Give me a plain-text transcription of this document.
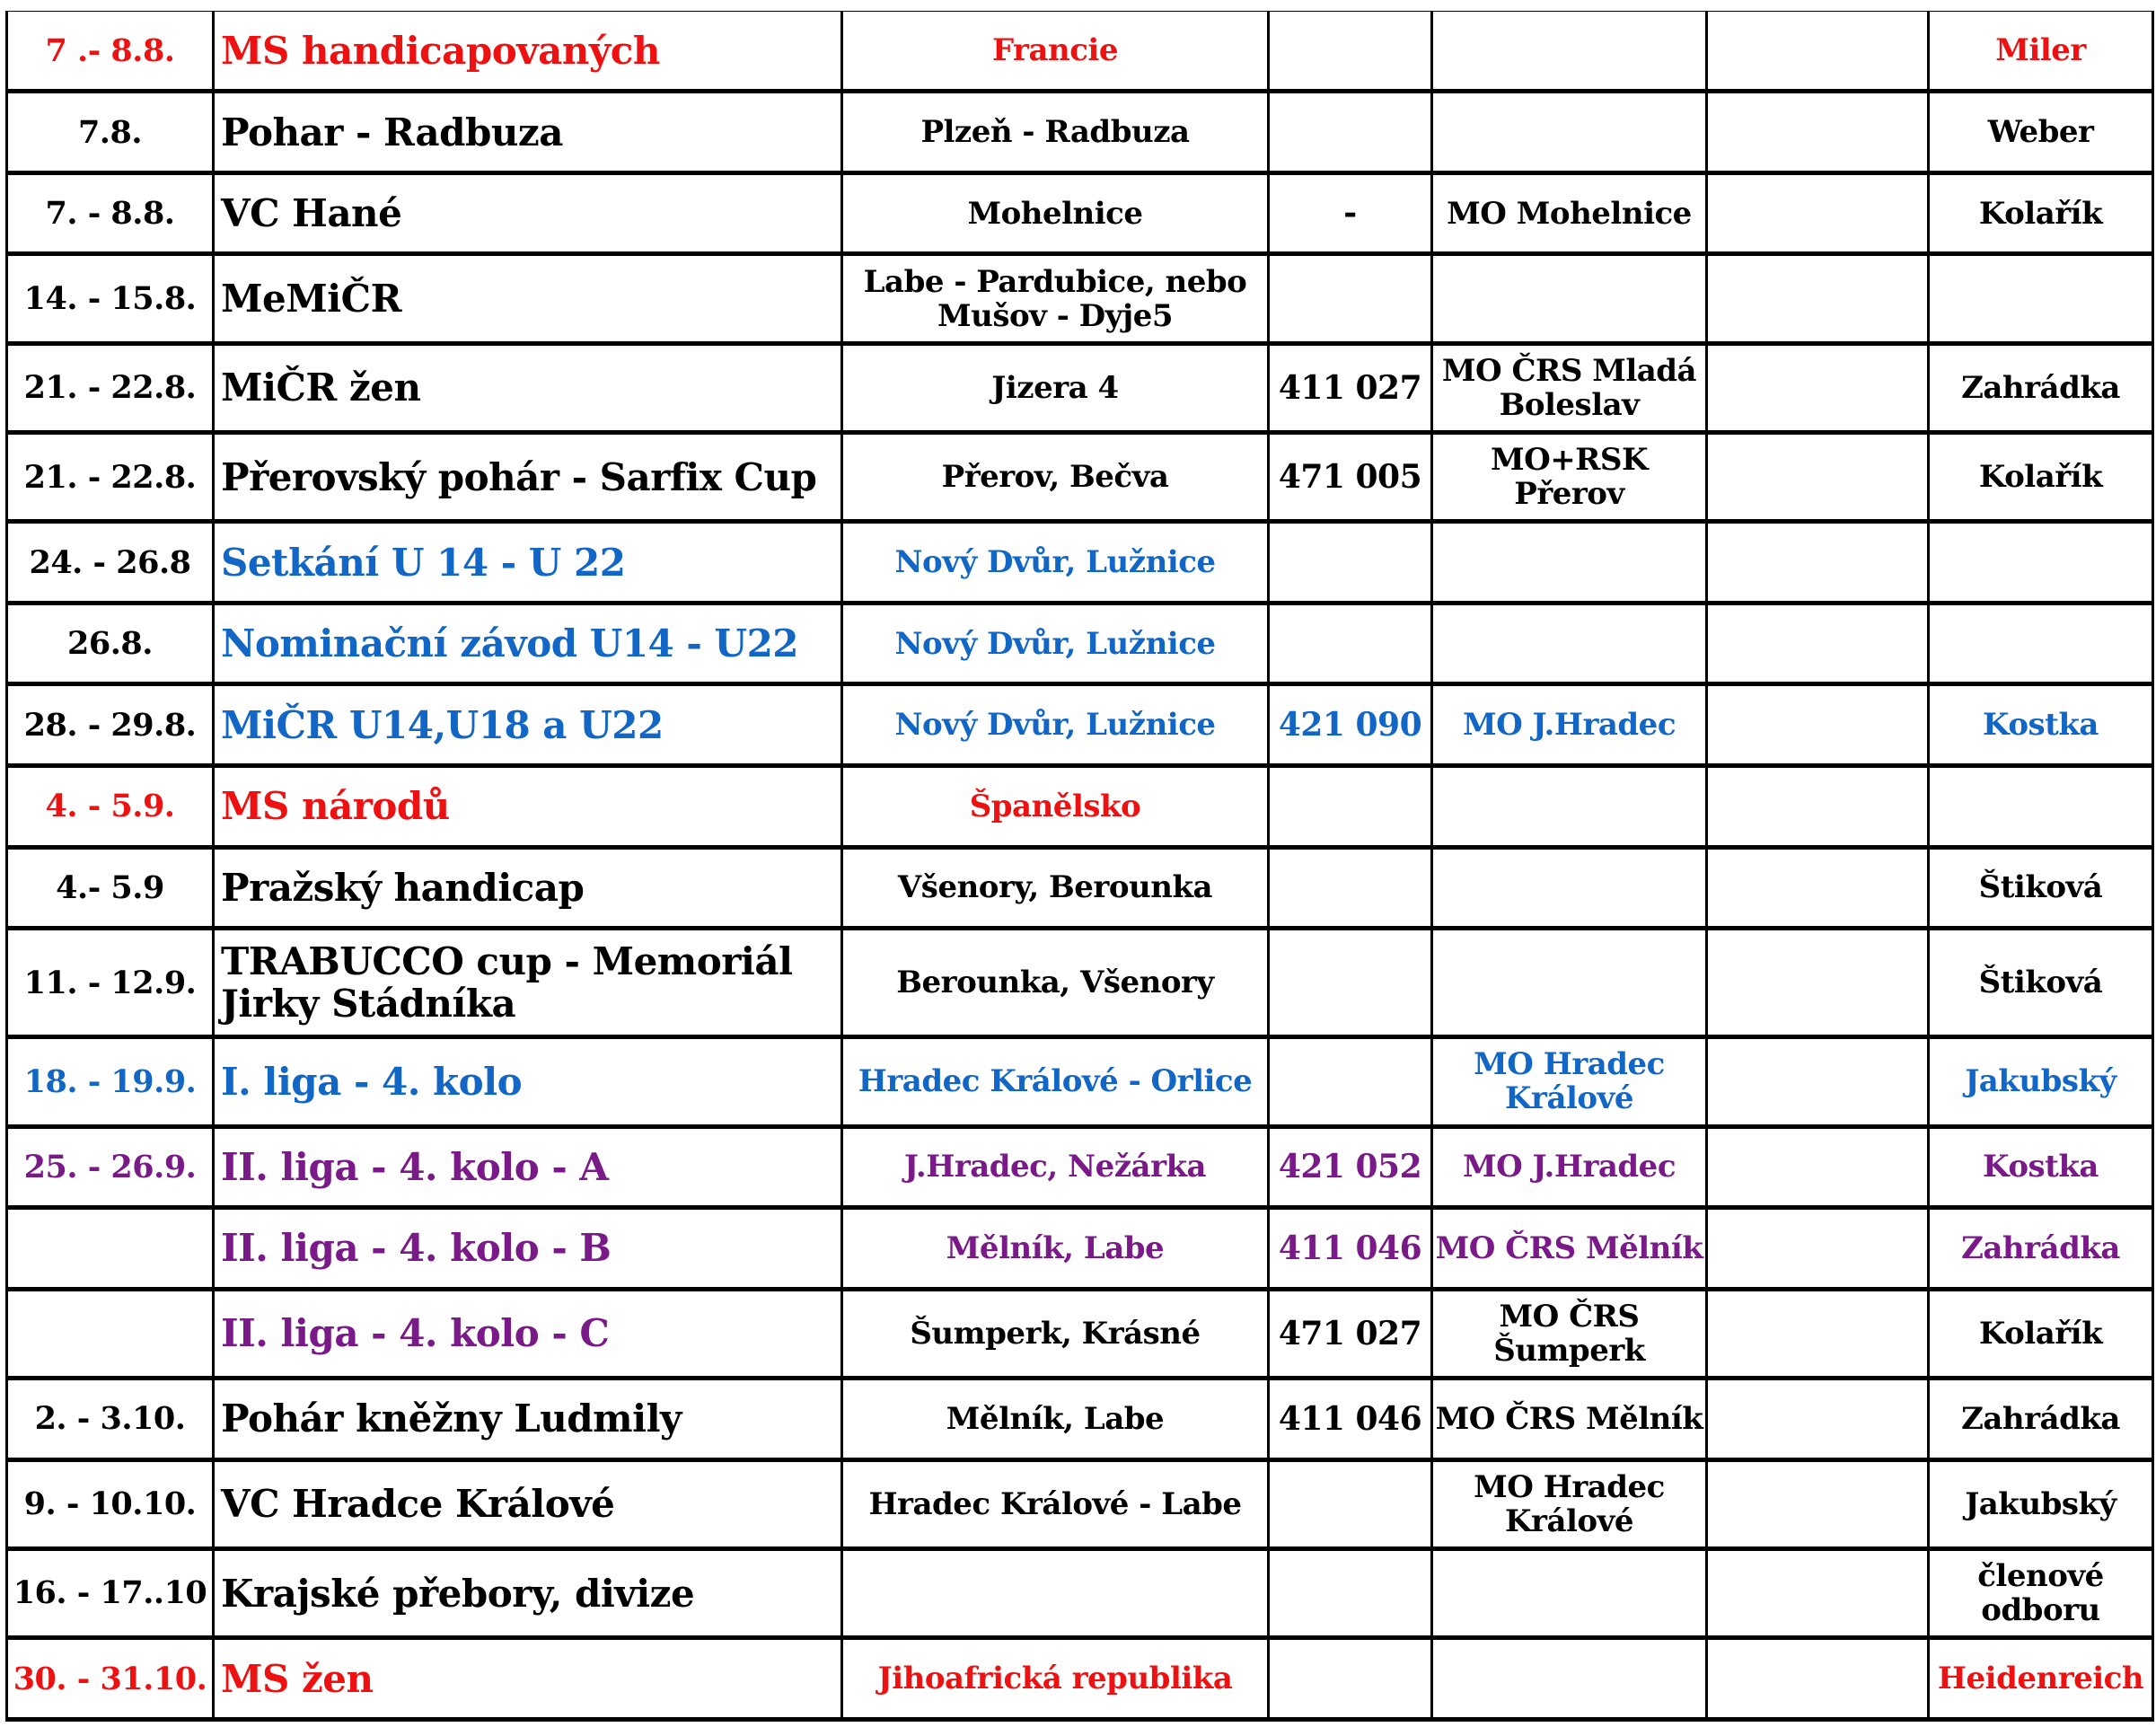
7 .- 8.8.	MS handicapovaných	Francie				Miler
7.8.	Pohar - Radbuza	Plzeň - Radbuza				Weber
7. - 8.8.	VC Hané	Mohelnice	-	MO Mohelnice		Kolařík
14. - 15.8.	MeMiČR	Labe - Pardubice, nebo Mušov - Dyje5				
21. - 22.8.	MiČR žen	Jizera 4	411 027	MO ČRS Mladá Boleslav		Zahrádka
21. - 22.8.	Přerovský pohár - Sarfix Cup	Přerov, Bečva	471 005	MO+RSK Přerov		Kolařík
24. - 26.8	Setkání U 14 - U 22	Nový Dvůr, Lužnice				
26.8.	Nominační závod U14 - U22	Nový Dvůr, Lužnice				
28. - 29.8.	MiČR U14,U18 a U22	Nový Dvůr, Lužnice	421 090	MO J.Hradec		Kostka
4. - 5.9.	MS národů	Španělsko				
4.- 5.9	Pražský handicap	Všenory, Berounka				Štiková
11. - 12.9.	TRABUCCO cup - Memoriál Jirky Stádníka	Berounka, Všenory				Štiková
18. - 19.9.	I. liga - 4. kolo	Hradec Králové - Orlice		MO Hradec Králové		Jakubský
25. - 26.9.	II. liga - 4. kolo - A	J.Hradec, Nežárka	421 052	MO J.Hradec		Kostka
	II. liga - 4. kolo - B	Mělník, Labe	411 046	MO ČRS Mělník		Zahrádka
	II. liga - 4. kolo - C	Šumperk, Krásné	471 027	MO ČRS Šumperk		Kolařík
2. - 3.10.	Pohár kněžny Ludmily	Mělník, Labe	411 046	MO ČRS Mělník		Zahrádka
9. - 10.10.	VC Hradce Králové	Hradec Králové - Labe		MO Hradec Králové		Jakubský
16. - 17..10	Krajské přebory, divize					členové odboru
30. - 31.10.	MS žen	Jihoafrická republika				Heidenreich
